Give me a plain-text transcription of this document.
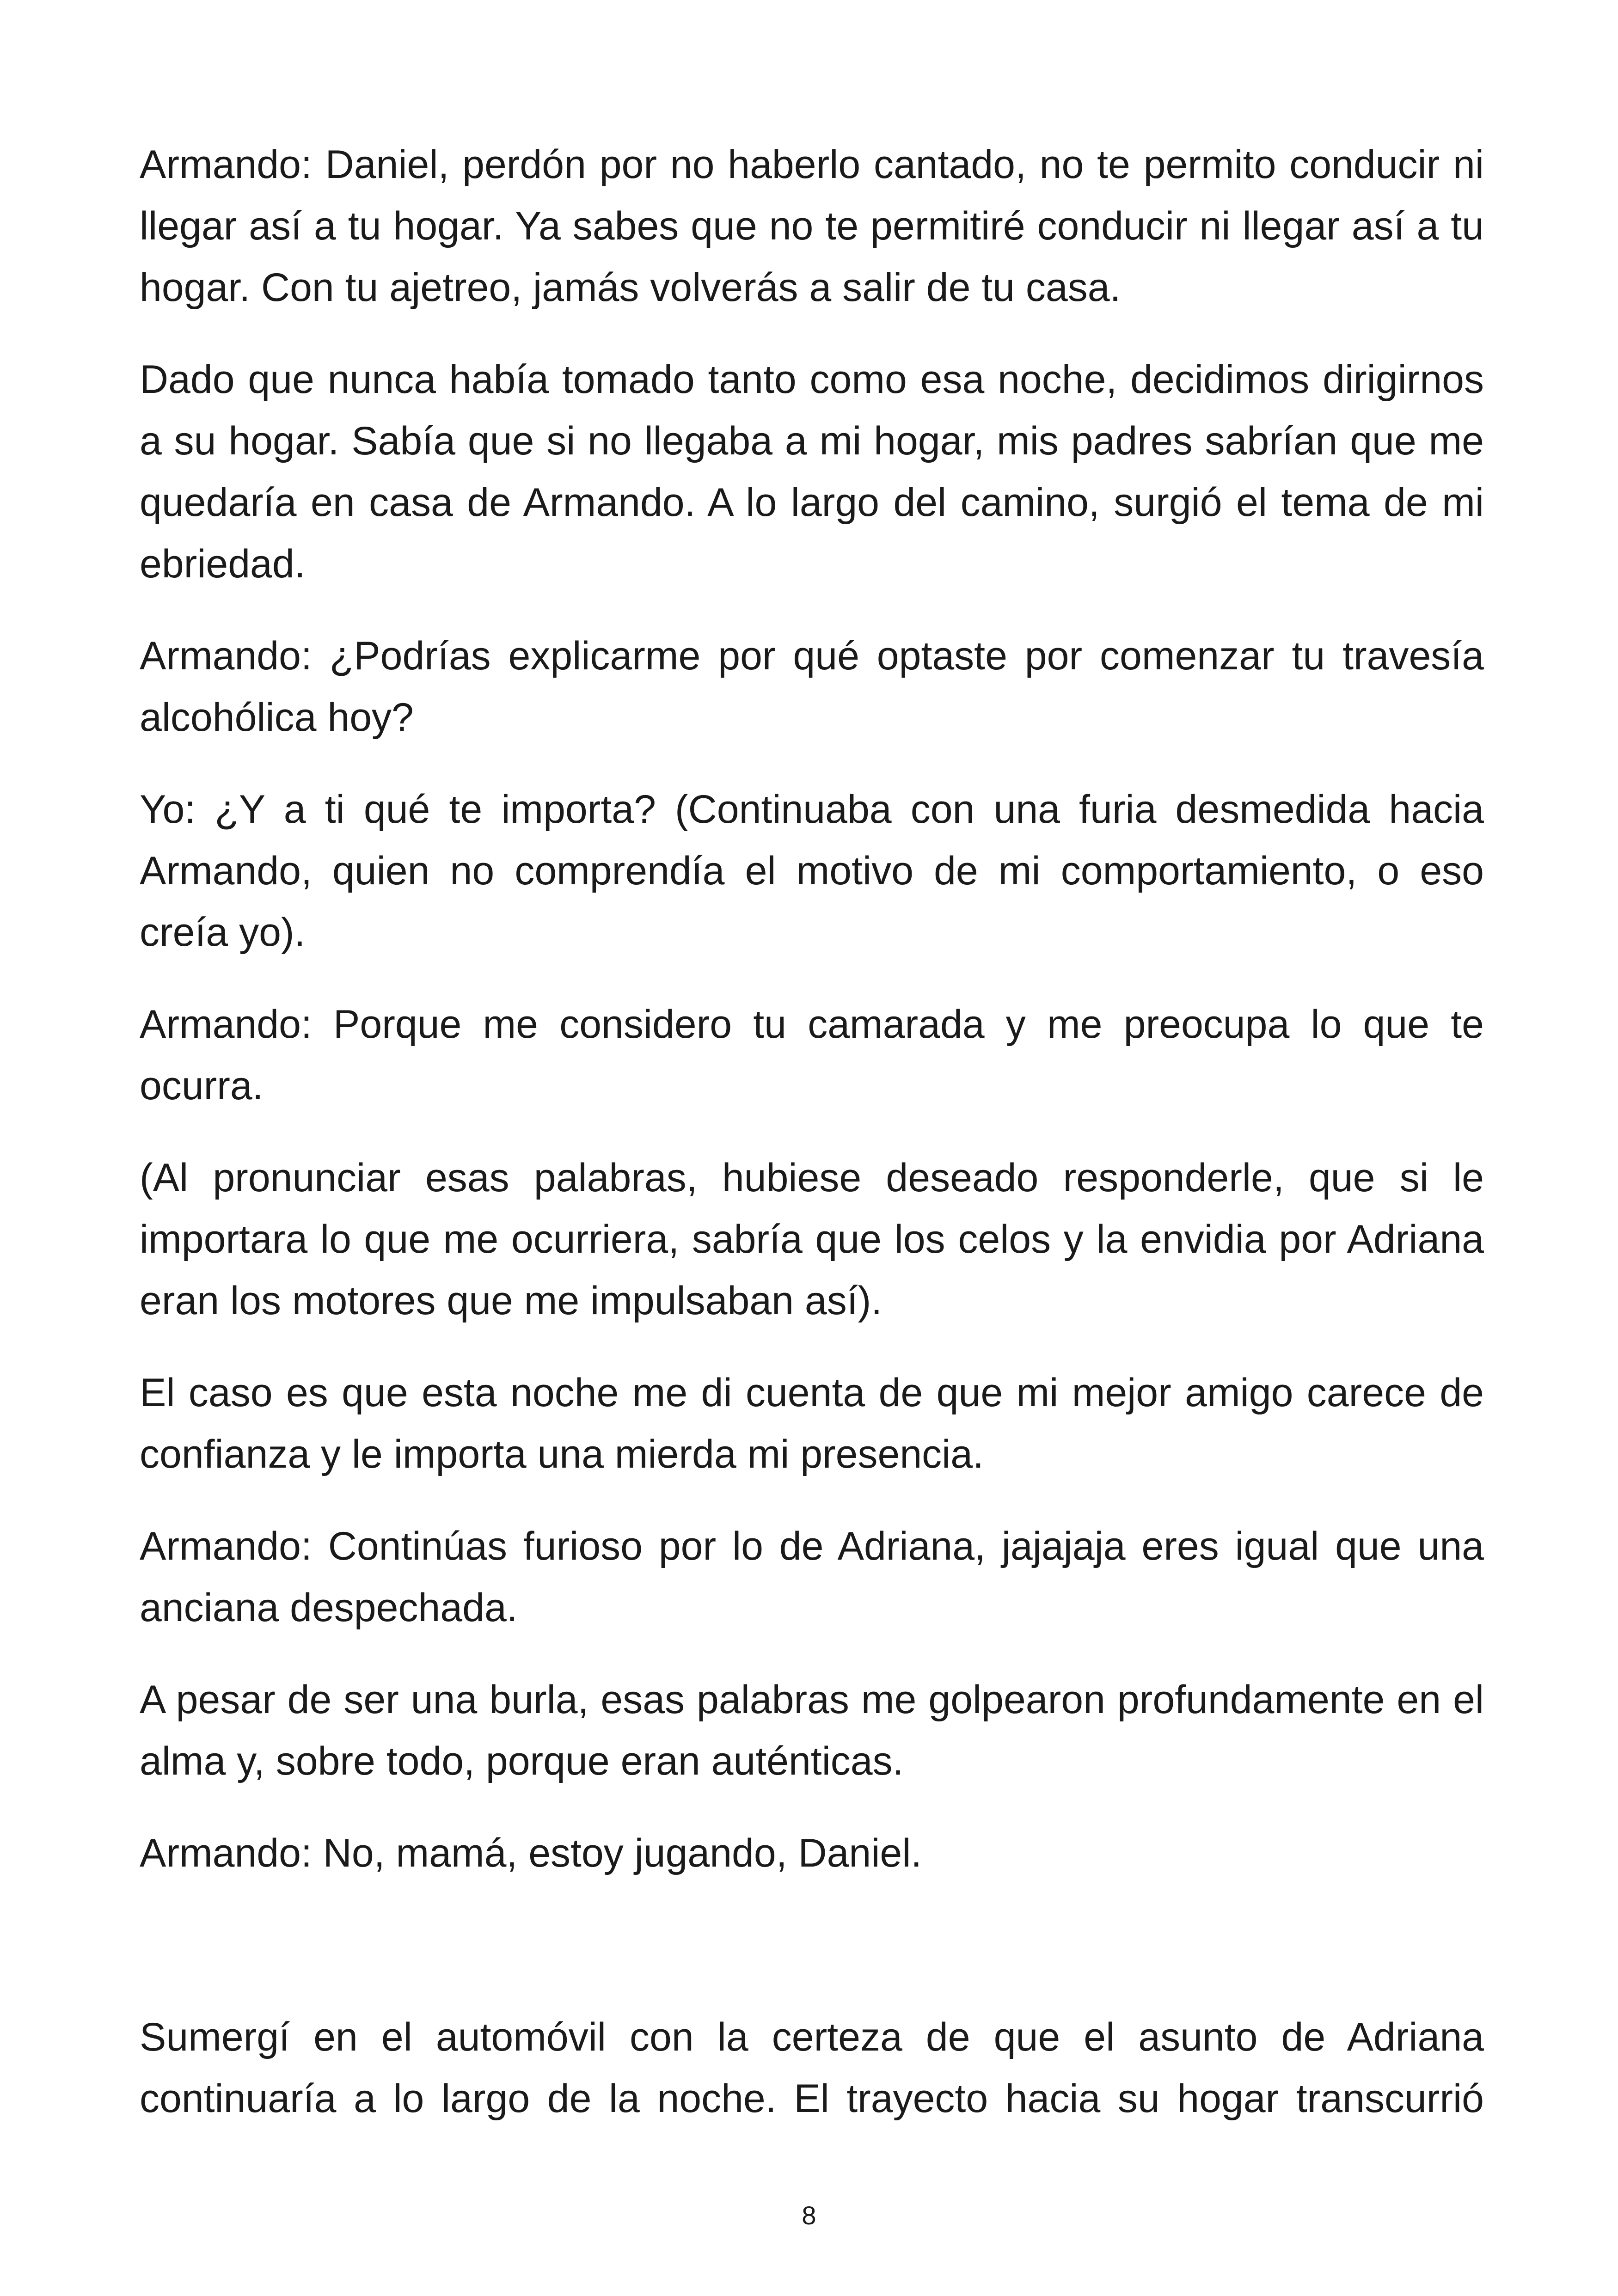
Armando: Daniel, perdón por no haberlo cantado, no te permito conducir ni llegar así a tu hogar. Ya sabes que no te permitiré conducir ni llegar así a tu hogar. Con tu ajetreo, jamás volverás a salir de tu casa.

Dado que nunca había tomado tanto como esa noche, decidimos dirigirnos a su hogar. Sabía que si no llegaba a mi hogar, mis padres sabrían que me quedaría en casa de Armando. A lo largo del camino, surgió el tema de mi ebriedad.

Armando: ¿Podrías explicarme por qué optaste por comenzar tu travesía alcohólica hoy?

Yo: ¿Y a ti qué te importa? (Continuaba con una furia desmedida hacia Armando, quien no comprendía el motivo de mi comportamiento, o eso creía yo).

Armando: Porque me considero tu camarada y me preocupa lo que te ocurra.

(Al pronunciar esas palabras, hubiese deseado responderle, que si le importara lo que me ocurriera, sabría que los celos y la envidia por Adriana eran los motores que me impulsaban así).

El caso es que esta noche me di cuenta de que mi mejor amigo carece de confianza y le importa una mierda mi presencia.

Armando: Continúas furioso por lo de Adriana, jajajaja eres igual que una anciana despechada.

A pesar de ser una burla, esas palabras me golpearon profundamente en el alma y, sobre todo, porque eran auténticas.

Armando: No, mamá, estoy jugando, Daniel.

Sumergí en el automóvil con la certeza de que el asunto de Adriana continuaría a lo largo de la noche. El trayecto hacia su hogar transcurrió

8
